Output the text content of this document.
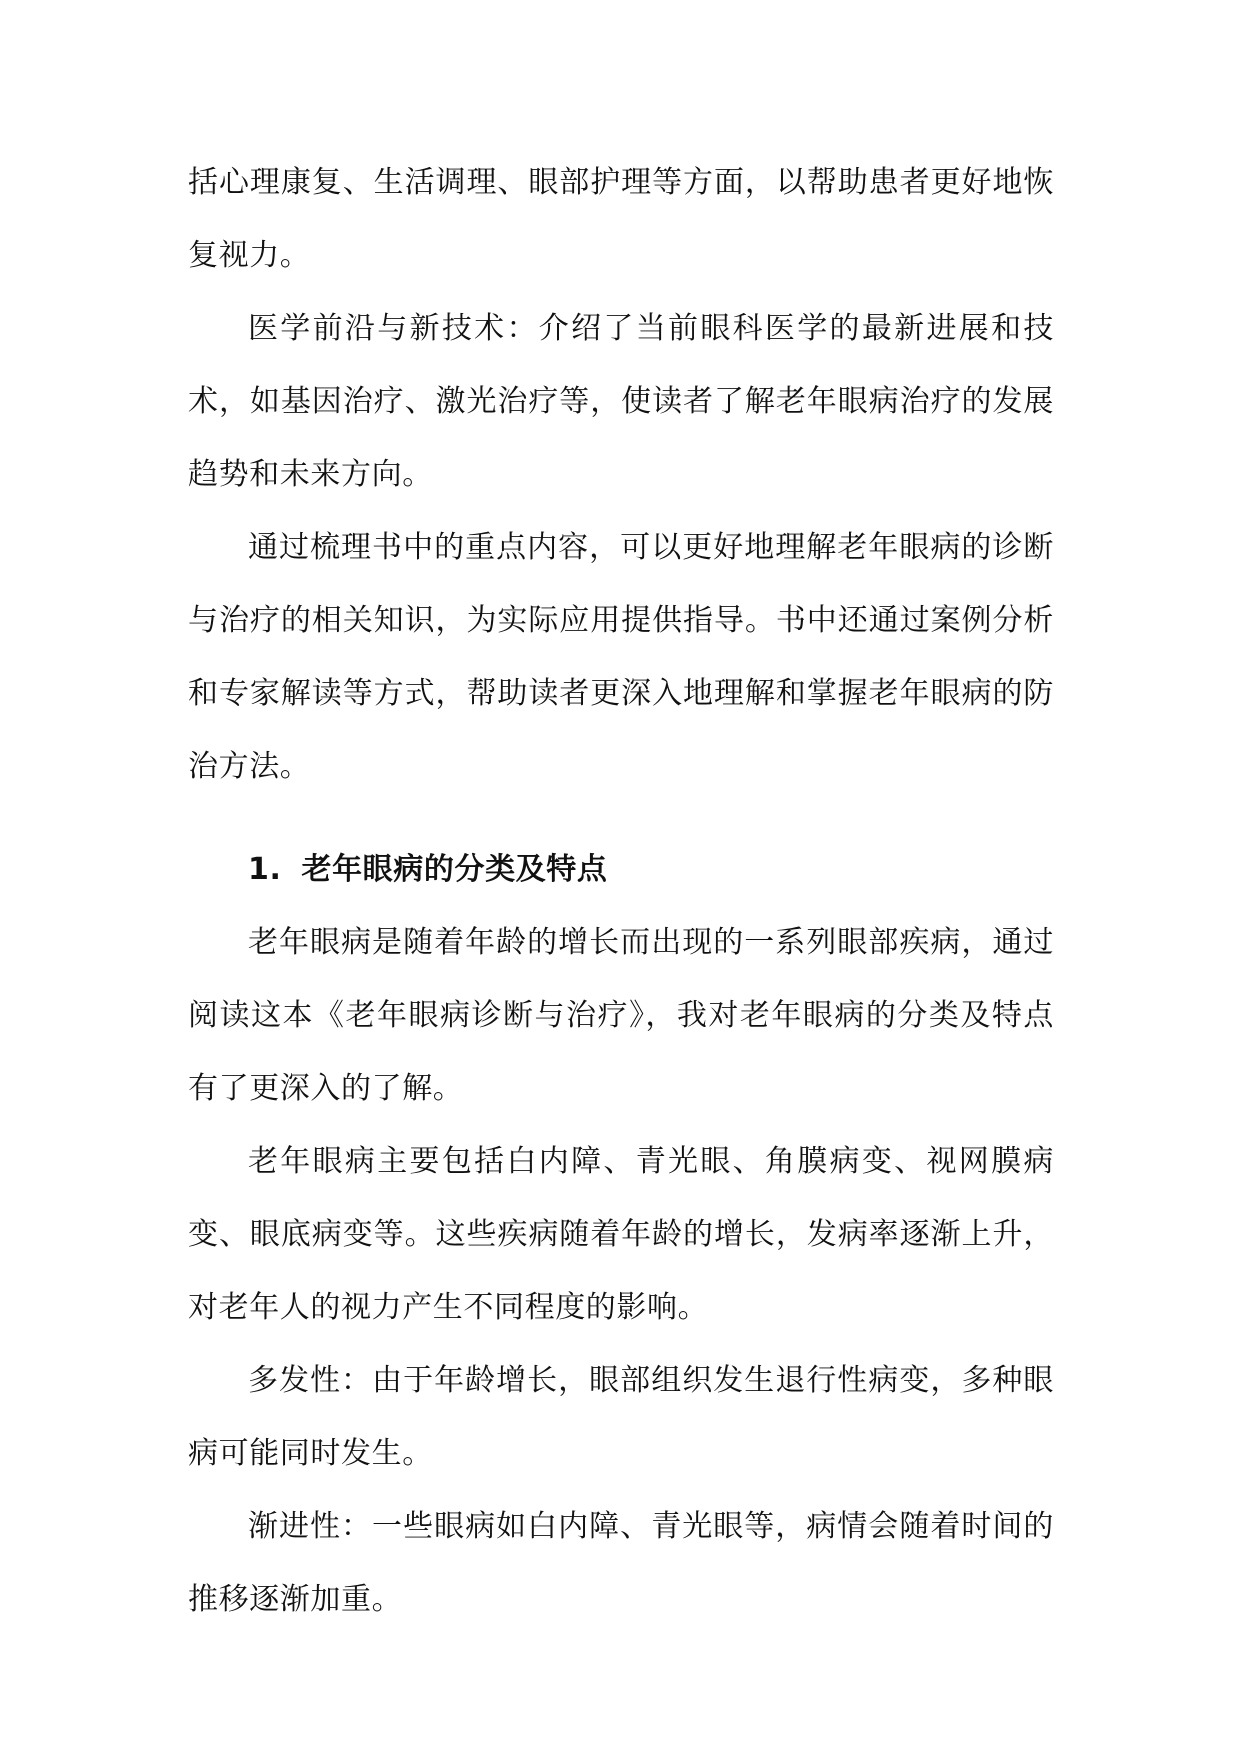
括心理康复、生活调理、眼部护理等方面，以帮助患者更好地恢复视力。

医学前沿与新技术：介绍了当前眼科医学的最新进展和技术，如基因治疗、激光治疗等，使读者了解老年眼病治疗的发展趋势和未来方向。

通过梳理书中的重点内容，可以更好地理解老年眼病的诊断与治疗的相关知识，为实际应用提供指导。书中还通过案例分析和专家解读等方式，帮助读者更深入地理解和掌握老年眼病的防治方法。

1. 老年眼病的分类及特点

老年眼病是随着年龄的增长而出现的一系列眼部疾病，通过阅读这本《老年眼病诊断与治疗》，我对老年眼病的分类及特点有了更深入的了解。

老年眼病主要包括白内障、青光眼、角膜病变、视网膜病变、眼底病变等。这些疾病随着年龄的增长，发病率逐渐上升，对老年人的视力产生不同程度的影响。

多发性：由于年龄增长，眼部组织发生退行性病变，多种眼病可能同时发生。

渐进性：一些眼病如白内障、青光眼等，病情会随着时间的推移逐渐加重。
